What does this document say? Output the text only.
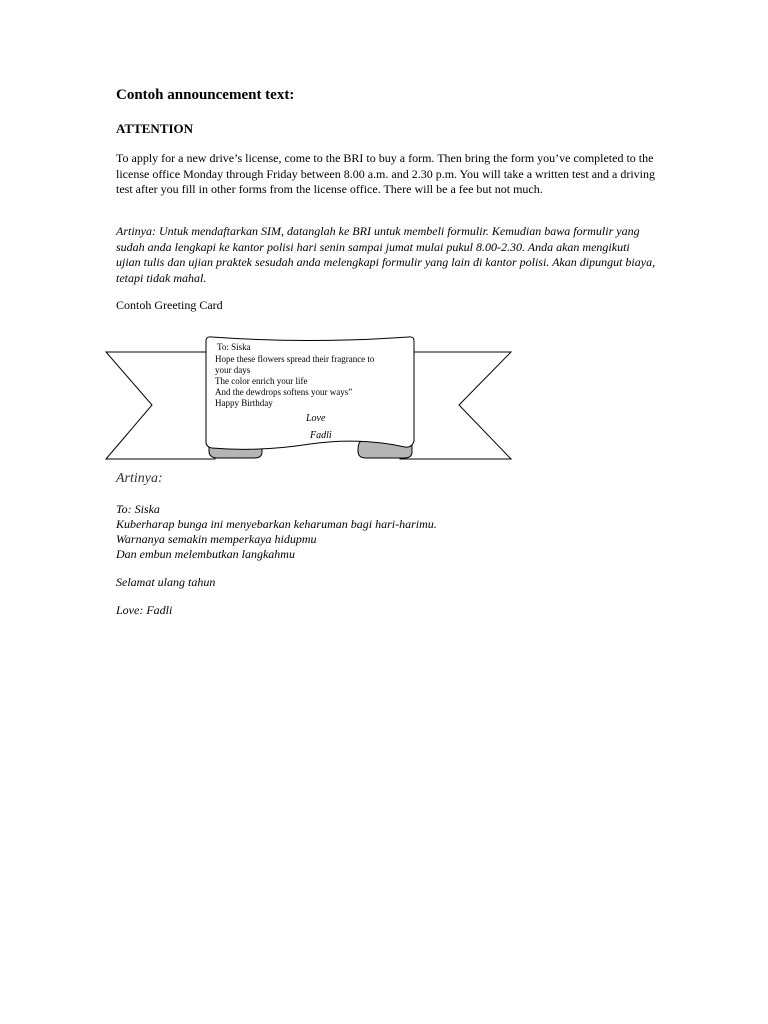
Contoh announcement text:
ATTENTION
To apply for a new drive’s license, come to the BRI to buy a form. Then bring the form you’ve completed to the license office Monday through Friday between 8.00 a.m. and 2.30 p.m. You will take a written test and a driving test after you fill in other forms from the license office. There will be a fee but not much.
Artinya: Untuk mendaftarkan SIM, datanglah ke BRI untuk membeli formulir. Kemudian bawa formulir yang sudah anda lengkapi ke kantor polisi hari senin sampai jumat mulai pukul 8.00-2.30. Anda akan mengikuti ujian tulis dan ujian praktek sesudah anda melengkapi formulir yang lain di kantor polisi. Akan dipungut biaya, tetapi tidak mahal.
Contoh Greeting Card
To: Siska
Hope these flowers spread their fragrance to
your days
The color enrich your life
And the dewdrops softens your ways”
Happy Birthday
Love
Fadli
Artinya:
To: Siska
Kuberharap bunga ini menyebarkan keharuman bagi hari-harimu.
Warnanya semakin memperkaya hidupmu
Dan embun melembutkan langkahmu
Selamat ulang tahun
Love: Fadli
